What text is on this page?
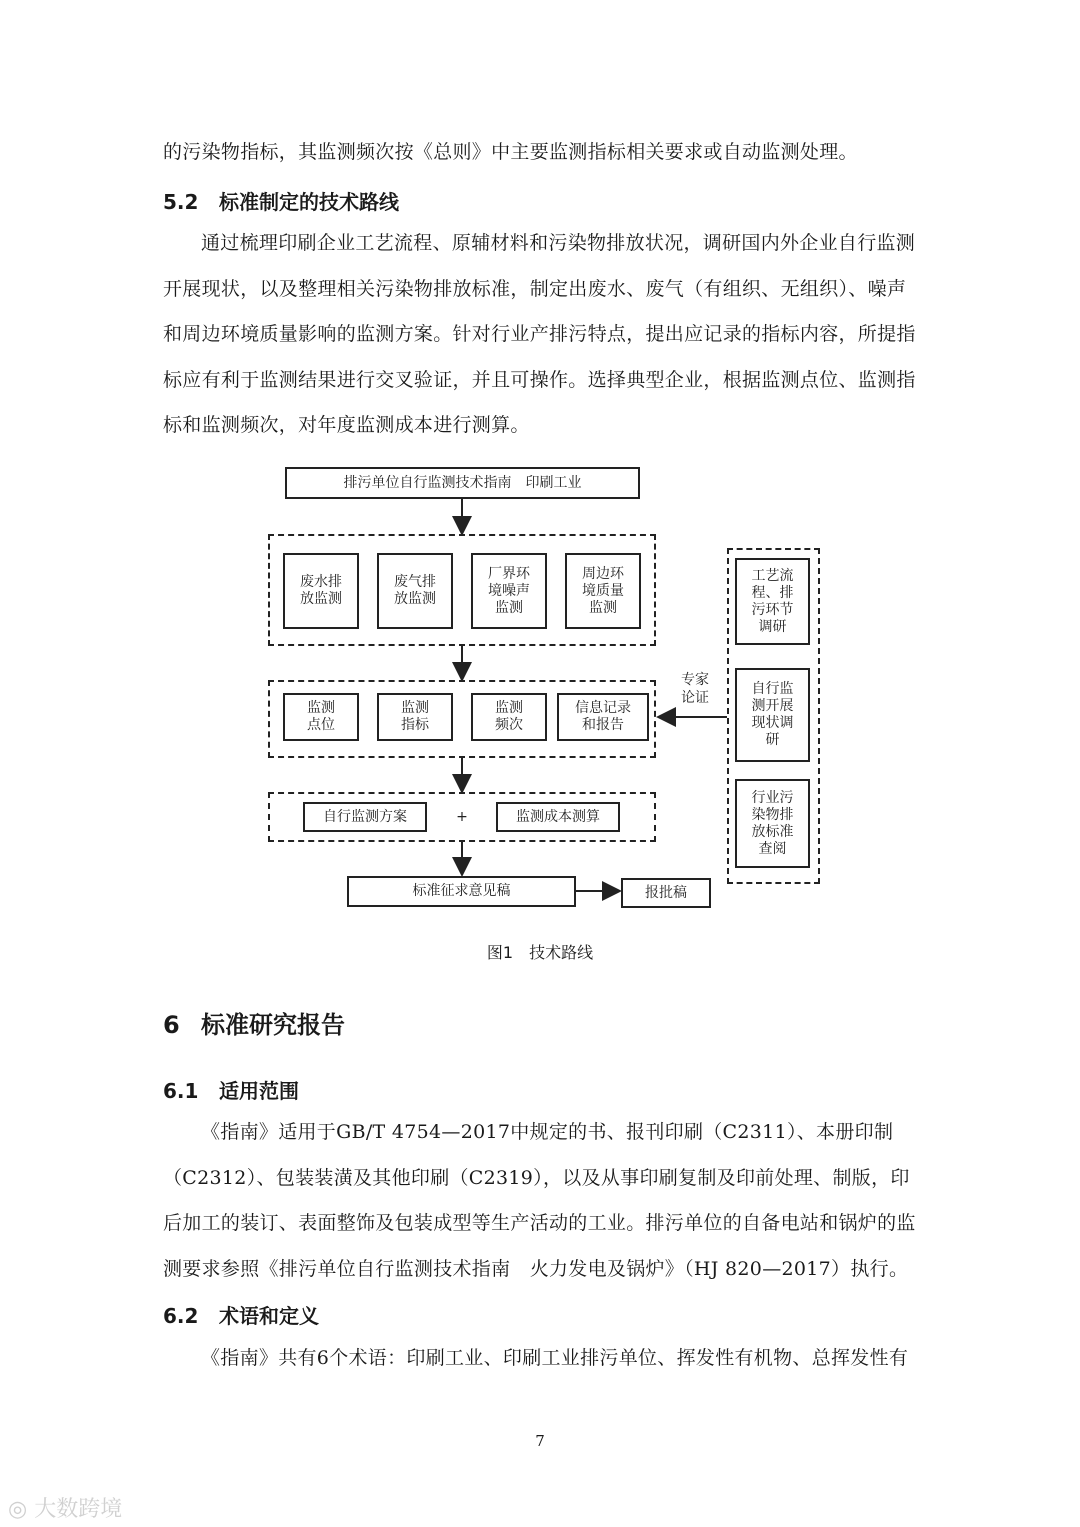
的污染物指标，其监测频次按《总则》中主要监测指标相关要求或自动监测处理。

5.2 标准制定的技术路线

通过梳理印刷企业工艺流程、原辅材料和污染物排放状况，调研国内外企业自行监测开展现状，以及整理相关污染物排放标准，制定出废水、废气（有组织、无组织）、噪声和周边环境质量影响的监测方案。针对行业产排污特点，提出应记录的指标内容，所提指标应有利于监测结果进行交叉验证，并且可操作。选择典型企业，根据监测点位、监测指标和监测频次，对年度监测成本进行测算。

排污单位自行监测技术指南　印刷工业
废水排放监测
废气排放监测
厂界环境噪声监测
周边环境质量监测
监测点位
监测指标
监测频次
信息记录和报告
自行监测方案	+	监测成本测算
标准征求意见稿	报批稿
专家论证
工艺流程、排污环节调研
自行监测开展现状调研
行业污染物排放标准查阅
图1　技术路线
6 标准研究报告
6.1 适用范围

《指南》适用于GB/T 4754—2017中规定的书、报刊印刷（C2311）、本册印制（C2312）、包装装潢及其他印刷（C2319），以及从事印刷复制及印前处理、制版，印后加工的装订、表面整饰及包装成型等生产活动的工业。排污单位的自备电站和锅炉的监测要求参照《排污单位自行监测技术指南　火力发电及锅炉》（HJ 820—2017）执行。

6.2 术语和定义

《指南》共有6个术语：印刷工业、印刷工业排污单位、挥发性有机物、总挥发性有

7
◎ 大数跨境
